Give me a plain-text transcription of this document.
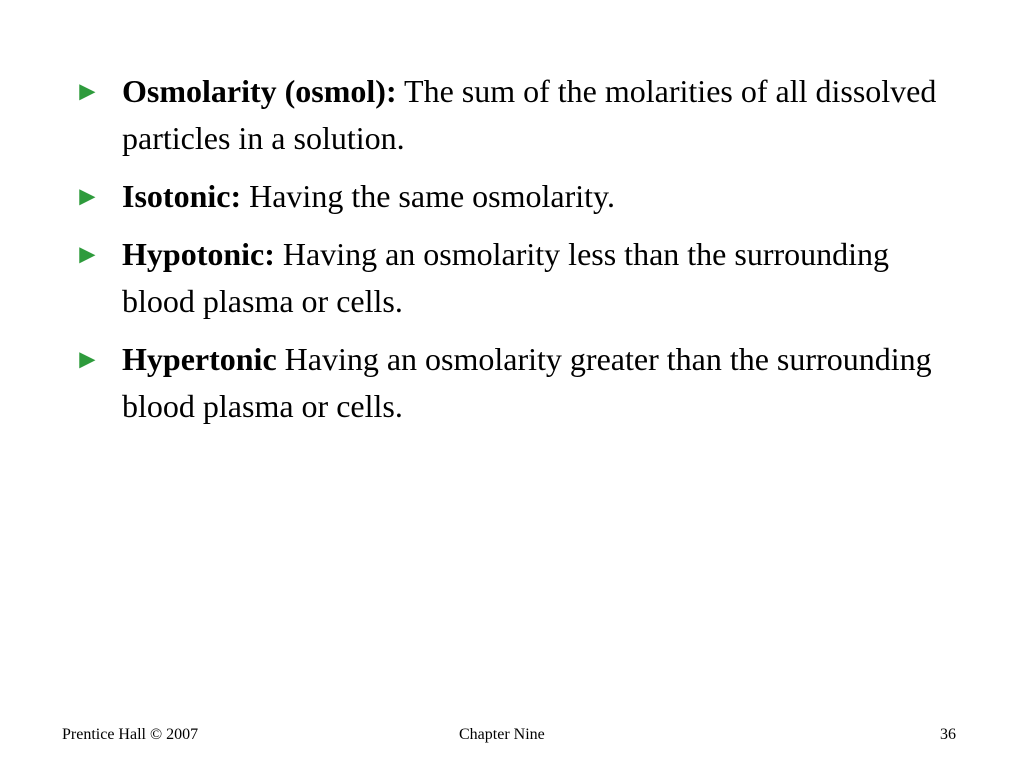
► Osmolarity (osmol): The sum of the molarities of all dissolved particles in a solution.
► Isotonic: Having the same osmolarity.
► Hypotonic: Having an osmolarity less than the surrounding blood plasma or cells.
► Hypertonic Having an osmolarity greater than the surrounding blood plasma or cells.
Prentice Hall © 2007	Chapter Nine	36
